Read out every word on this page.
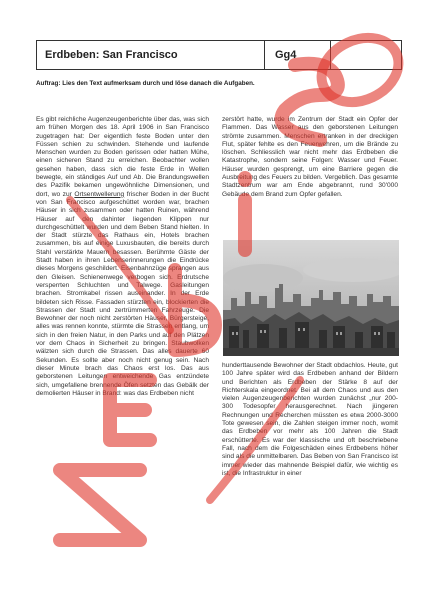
Erdbeben: San Francisco	Gg4
Auftrag: Lies den Text aufmerksam durch und löse danach die Aufgaben.

Es gibt reichliche Augenzeugenberichte über das, was sich am frühen Morgen des 18. April 1906 in San Francisco zugetragen hat: Der eigentlich feste Boden unter den Füssen schien zu schwinden. Stehende und laufende Menschen wurden zu Boden gerissen oder hatten Mühe, einen sicheren Stand zu erreichen. Beobachter wollen gesehen haben, dass sich die feste Erde in Wellen bewegte, ein ständiges Auf und Ab. Die Brandungswellen des Pazifik bekamen ungewöhnliche Dimensionen, und dort, wo zur Ortsentwellerung frischer Boden in der Bucht von San Francisco aufgeschüttet worden war, brachen Häuser in sich zusammen oder hatten Ruinen, während Häuser auf den dahinter liegenden Klippen nur durchgeschüttelt wurden und dem Beben Stand hielten. In der Stadt stürzte das Rathaus ein, Hotels brachen zusammen, bis auf einige Luxusbauten, die bereits durch Stahl verstärkte Mauern besassen. Berühmte Gäste der Stadt haben in ihren Lebenserinnerungen die Eindrücke dieses Morgens geschildert. Eisenbahnzüge sprangen aus den Gleisen. Schienenwege verbogen sich. Erdrutsche versperrten Schluchten und Talwege. Gasleitungen brachen. Stromkabel rissen auseinander. In der Erde bildeten sich Risse. Fassaden stürzten ein, blockierten die Strassen der Stadt und zertrümmerten Fahrzeuge. Die Bewohner der noch nicht zerstörten Häuser, Bürgersteige, alles was rennen konnte, stürmte die Strassen entlang, um sich in den freien Natur, in den Parks und auf den Plätzen vor dem Chaos in Sicherheit zu bringen. Staubwolken wälzten sich durch die Strassen. Das alles dauerte 60 Sekunden. Es sollte aber noch nicht genug sein. Nach dieser Minute brach das Chaos erst los. Das aus geborstenen Leitungen entweichende Gas entzündete sich, umgefallene brennende Öfen setzten das Gebälk der demolierten Häuser in Brand: was das Erdbeben nicht

zerstört hatte, wurde im Zentrum der Stadt ein Opfer der Flammen. Das Wasser aus den geborstenen Leitungen strömte zusammen. Menschen ertranken in der dreckigen Flut, später fehlte es den Feuerwehren, um die Brände zu löschen. Schliesslich war nicht mehr das Erdbeben die Katastrophe, sondern seine Folgen: Wasser und Feuer. Häuser wurden gesprengt, um eine Barriere gegen die Ausbreitung des Feuers zu bilden. Vergeblich. Das gesamte Stadtzentrum war am Ende abgebrannt, rund 30'000 Gebäude dem Brand zum Opfer gefallen.

hunderttausende Bewohner der Stadt obdachlos. Heute, gut 100 Jahre später wird das Erdbeben anhand der Bildern und Berichten als Erdbeben der Stärke 8 auf der Richterskala eingeordnet. Bei all dem Chaos und aus den vielen Augenzeugenberichten wurden zunächst „nur 200-300 Todesopfer herausgerechnet. Nach jüngeren Rechnungen und Recherchen müssten es etwa 2000-3000 Tote gewesen sein, die Zahlen steigen immer noch, womit das Erdbeben vor mehr als 100 Jahren die Stadt erschütterte. Es war der klassische und oft beschriebene Fall, nach dem die Folgeschäden eines Erdbebens höher sind als die unmittelbaren. Das Beben von San Francisco ist immer wieder das mahnende Beispiel dafür, wie wichtig es ist, die Infrastruktur in einer
